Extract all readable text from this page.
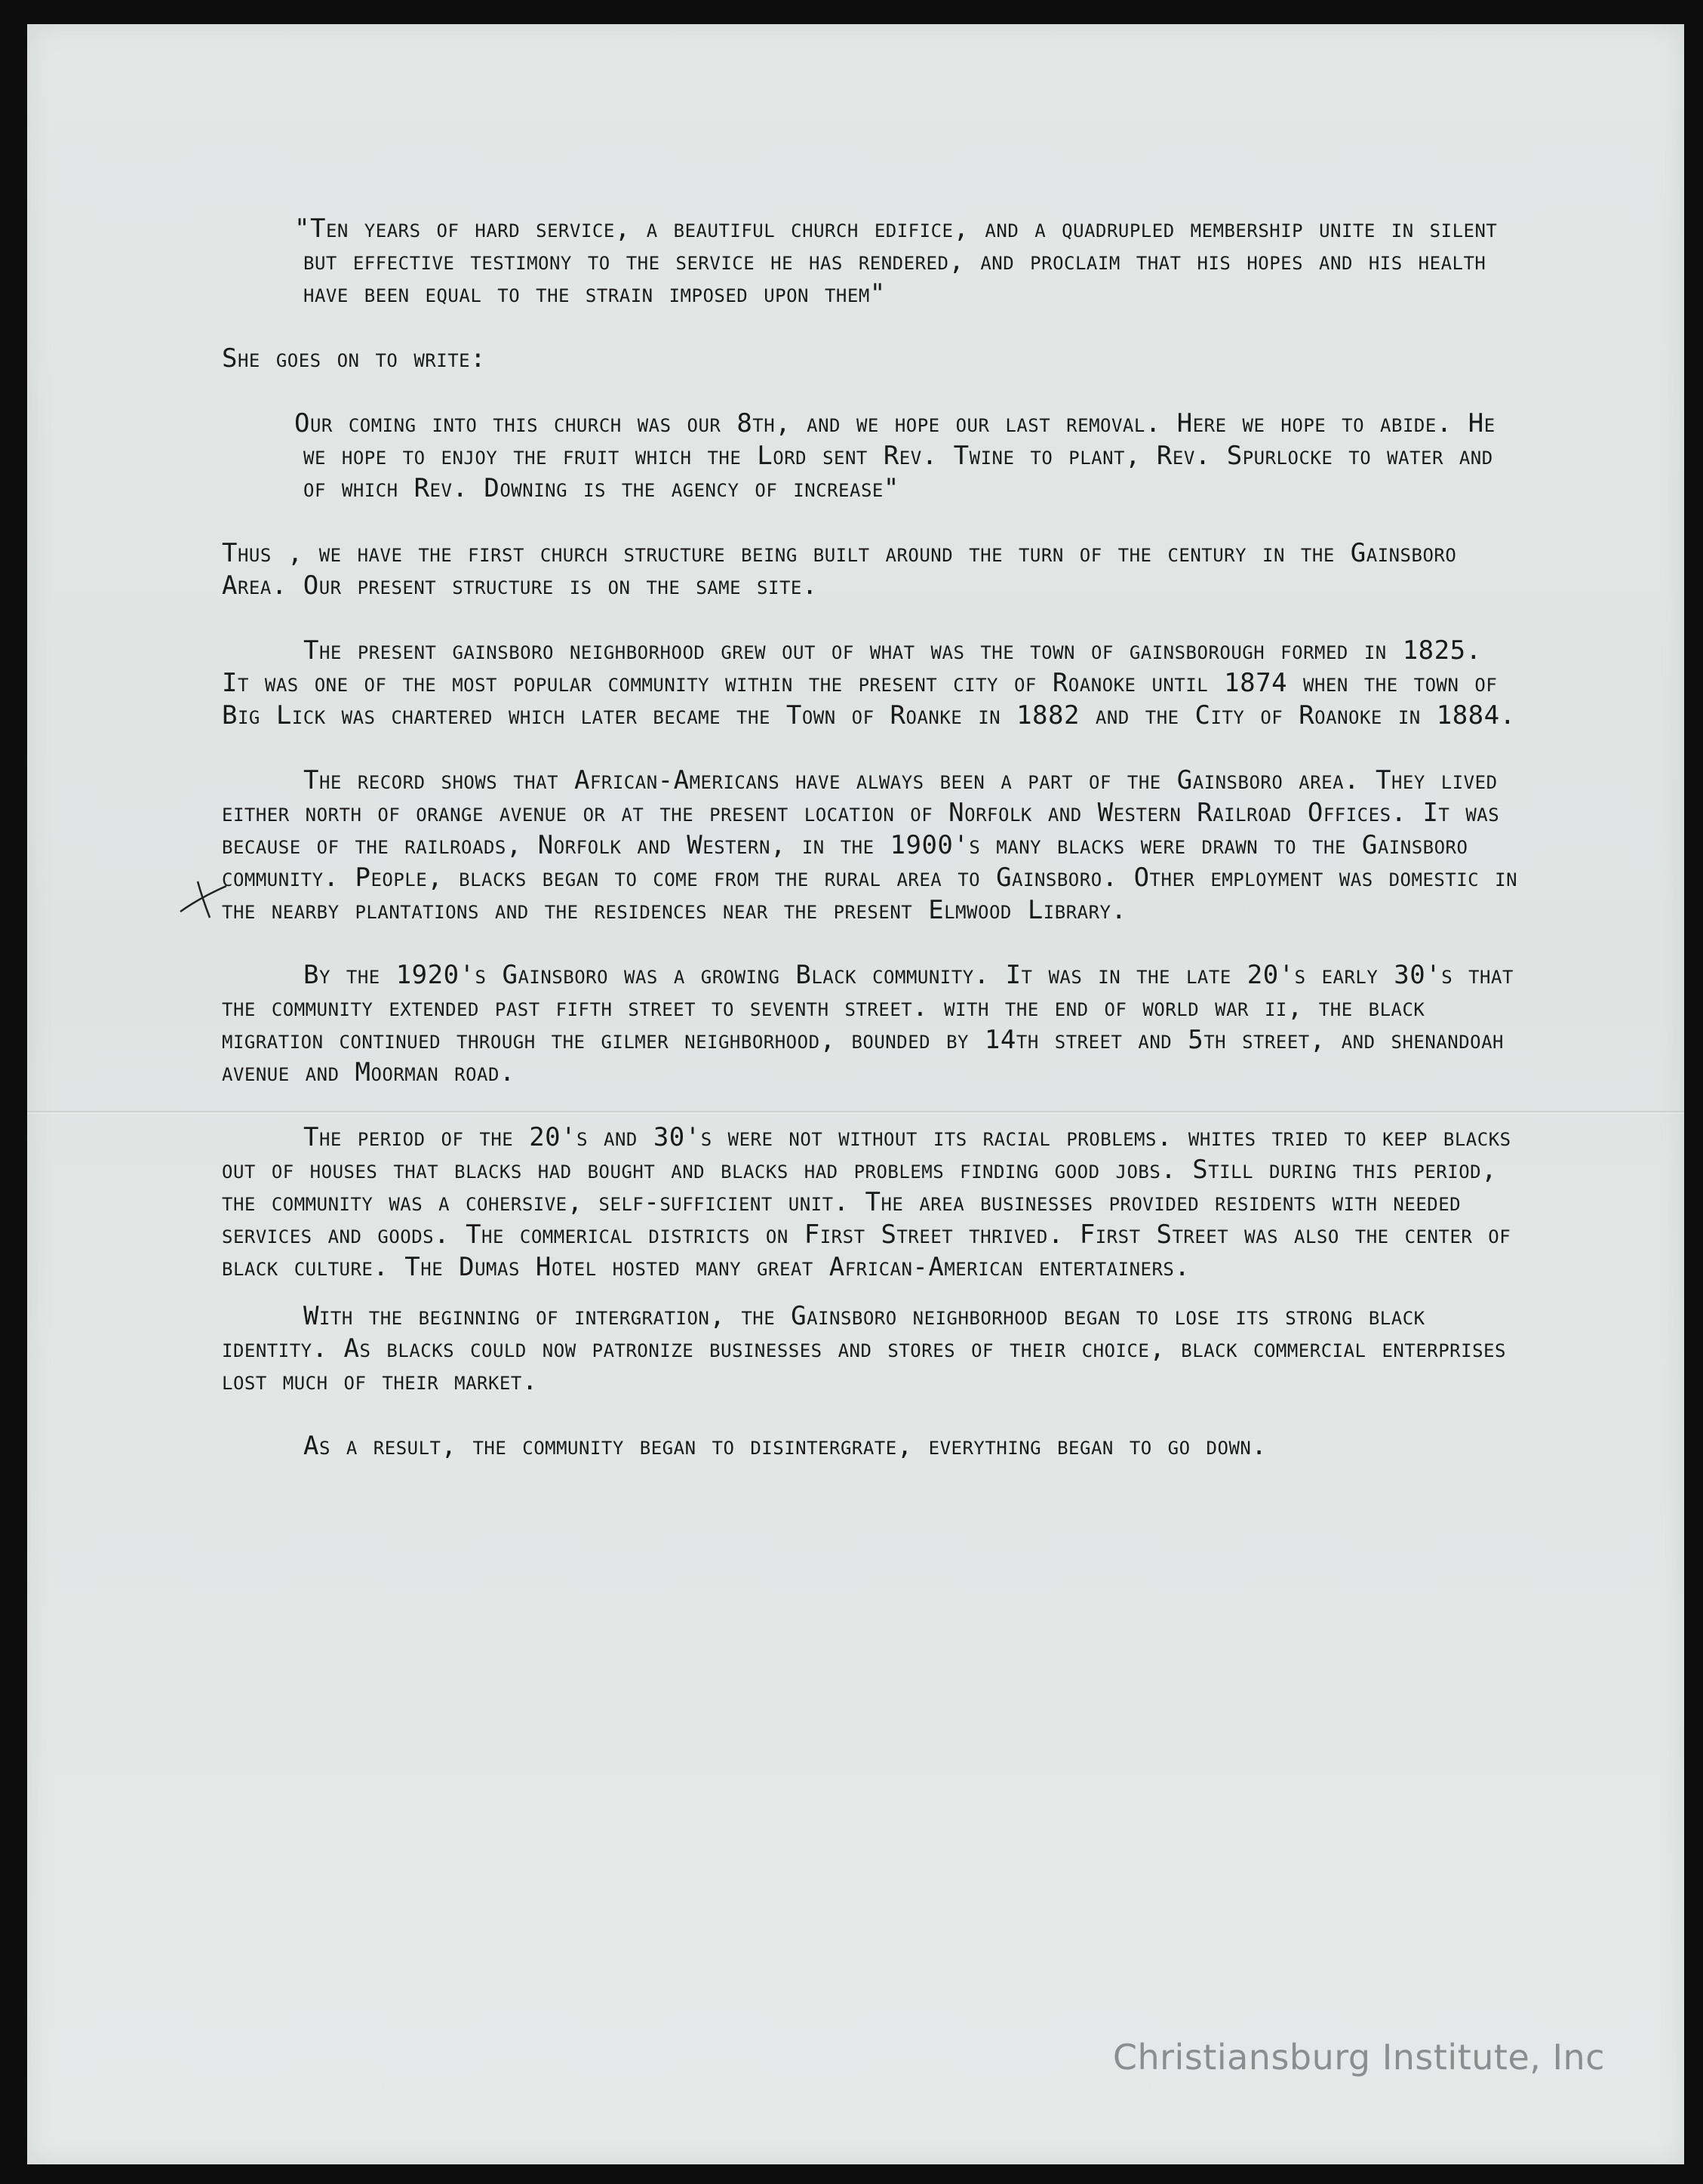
"Ten years of hard service, a beautiful church edifice, and a quadrupled membership unite in silent but effective testimony to the service he has rendered, and proclaim that his hopes and his health have been equal to the strain imposed upon them"

She goes on to write:

Our coming into this church was our 8th, and we hope our last removal. Here we hope to abide. He we hope to enjoy the fruit which the Lord sent Rev. Twine to plant, Rev. Spurlocke to water and of which Rev. Downing is the agency of increase"

Thus , we have the first church structure being built around the turn of the century in the Gainsboro Area. Our present structure is on the same site.

The present gainsboro neighborhood grew out of what was the town of gainsborough formed in 1825. It was one of the most popular community within the present city of Roanoke until 1874 when the town of Big Lick was chartered which later became the Town of Roanke in 1882 and the City of Roanoke in 1884.

The record shows that African-Americans have always been a part of the Gainsboro area. They lived either north of orange avenue or at the present location of Norfolk and Western Railroad Offices. It was because of the railroads, Norfolk and Western, in the 1900's many blacks were drawn to the Gainsboro community. People, blacks began to come from the rural area to Gainsboro. Other employment was domestic in the nearby plantations and the residences near the present Elmwood Library.

By the 1920's Gainsboro was a growing Black community. It was in the late 20's early 30's that the community extended past fifth street to seventh street. with the end of world war ii, the black migration continued through the gilmer neighborhood, bounded by 14th street and 5th street, and shenandoah avenue and Moorman road.

The period of the 20's and 30's were not without its racial problems. whites tried to keep blacks out of houses that blacks had bought and blacks had problems finding good jobs. Still during this period, the community was a cohersive, self-sufficient unit. The area businesses provided residents with needed services and goods. The commerical districts on First Street thrived. First Street was also the center of black culture. The Dumas Hotel hosted many great African-American entertainers.

With the beginning of intergration, the Gainsboro neighborhood began to lose its strong black identity. As blacks could now patronize businesses and stores of their choice, black commercial enterprises lost much of their market.

As a result, the community began to disintergrate, everything began to go down.

Christiansburg Institute, Inc
